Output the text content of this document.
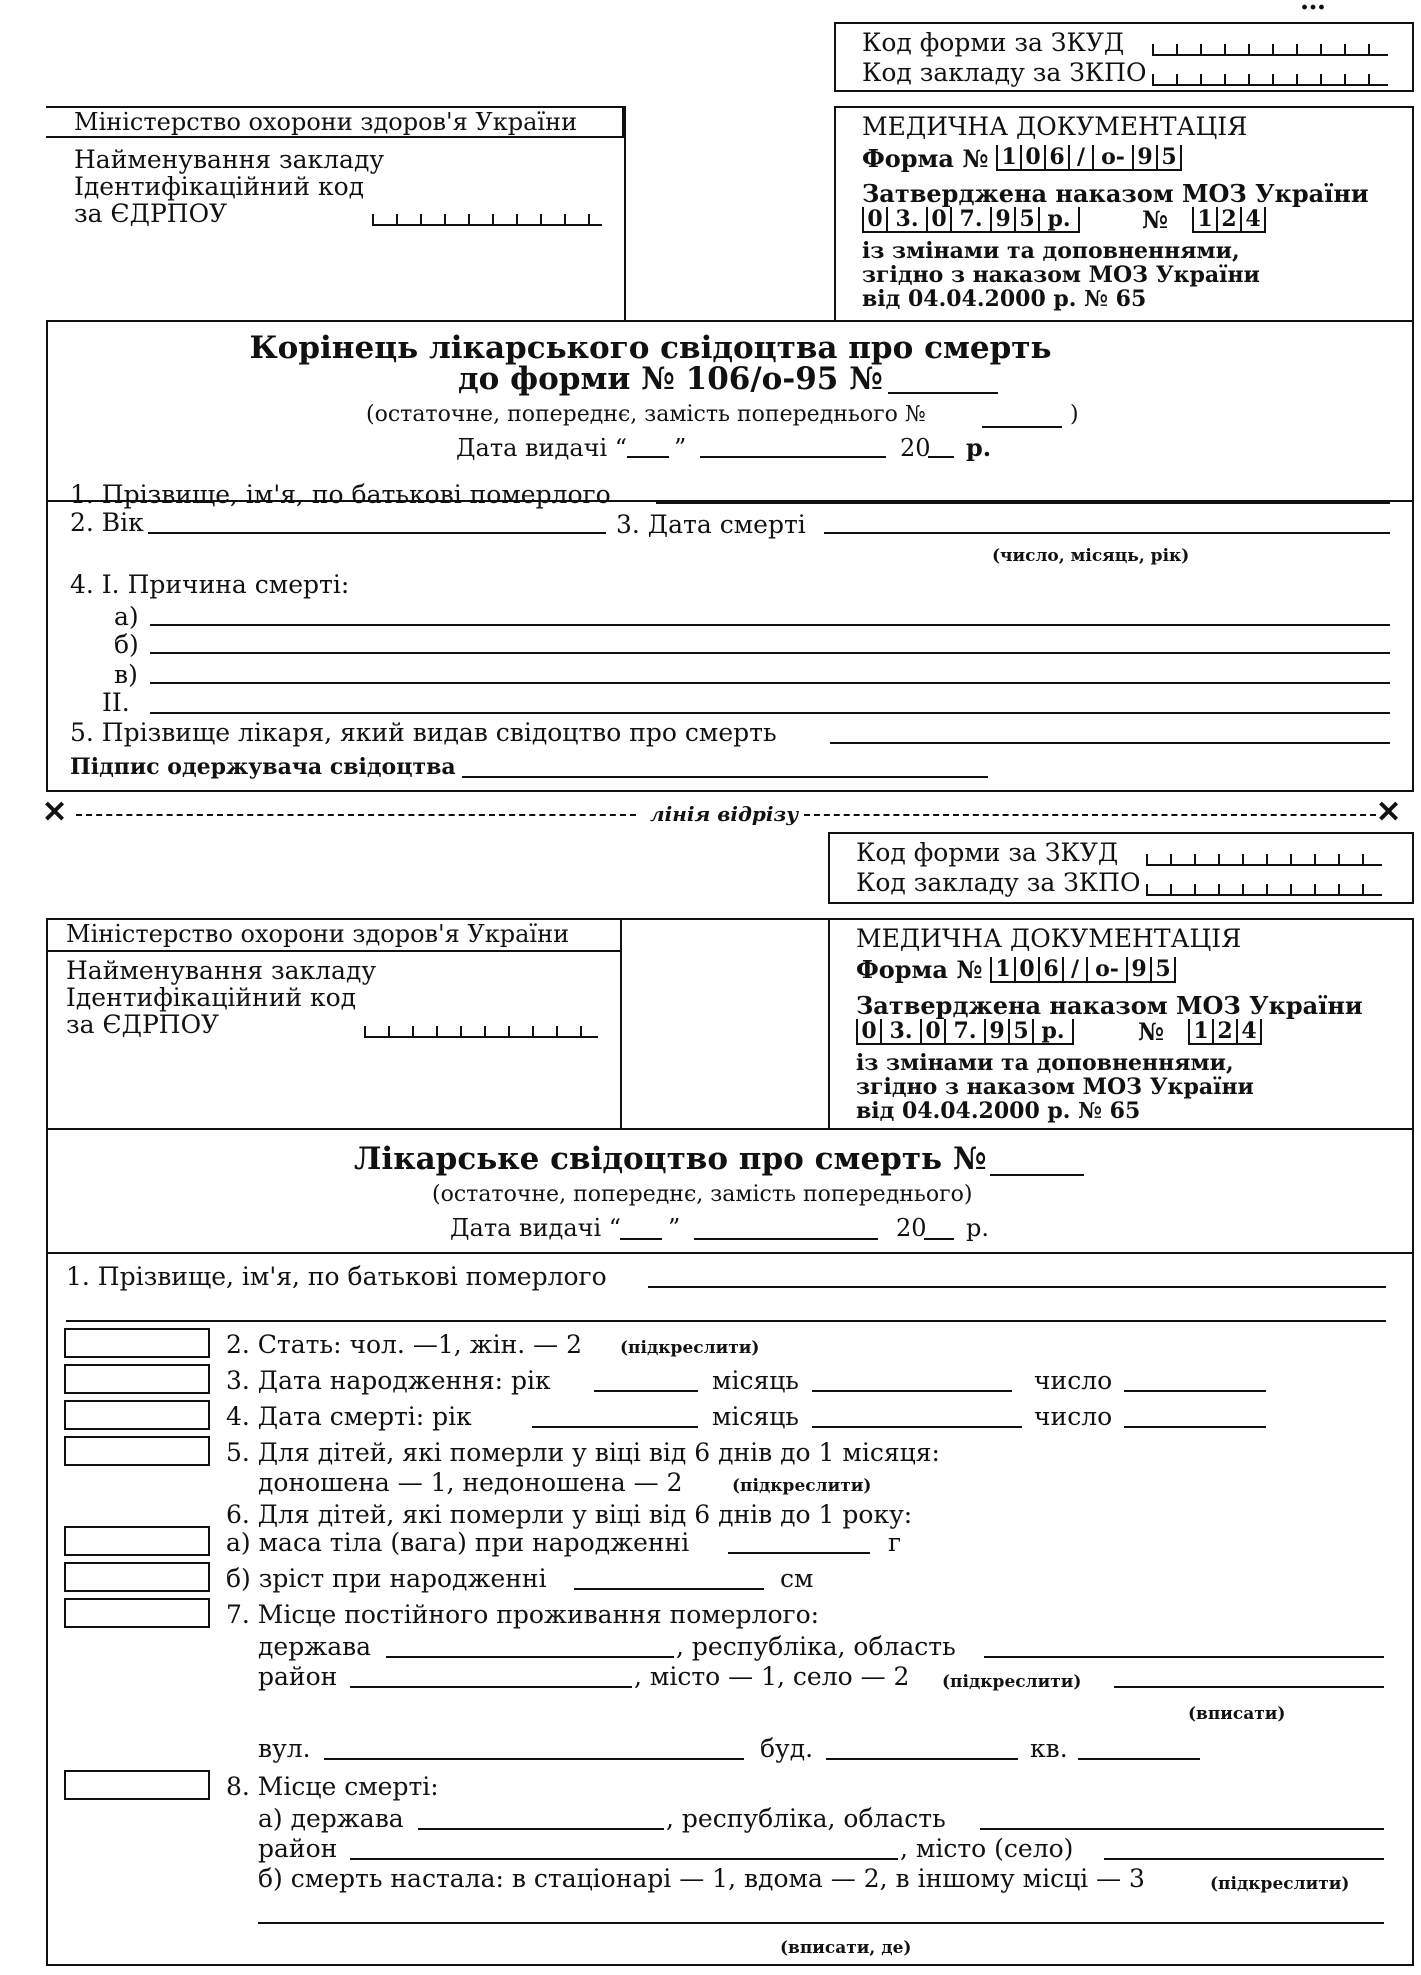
…
Код форми за ЗКУД
Код закладу за ЗКПО
Міністерство охорони здоров'я України
Найменування закладу
Ідентифікаційний код
за ЄДРПОУ
МЕДИЧНА ДОКУМЕНТАЦІЯ
Форма № 1 0 6 / о- 9 5
Затверджена наказом МОЗ України
0 3. 0 7. 9 5 р.	№ 1 2 4
із змінами та доповненнями,
згідно з наказом МОЗ України
від 04.04.2000 р. № 65
Корінець лікарського свідоцтва про смерть
до форми № 106/о-95 №
(остаточне, попереднє, замість попереднього №	)
Дата видачі “ ”	20 р.
1. Прізвище, ім'я, по батькові померлого
2. Вік	3. Дата смерті
(число, місяць, рік)
4. І. Причина смерті:
а)
б)
в)
II.
5. Прізвище лікаря, який видав свідоцтво про смерть
Підпис одержувача свідоцтва
✕	лінія відрізу	✕
Код форми за ЗКУД
Код закладу за ЗКПО
Міністерство охорони здоров'я України
Найменування закладу
Ідентифікаційний код
за ЄДРПОУ
МЕДИЧНА ДОКУМЕНТАЦІЯ
Форма № 1 0 6 / о- 9 5
Затверджена наказом МОЗ України
0 3. 0 7. 9 5 р.	№ 1 2 4
із змінами та доповненнями,
згідно з наказом МОЗ України
від 04.04.2000 р. № 65
Лікарське свідоцтво про смерть №
(остаточне, попереднє, замість попереднього)
Дата видачі “ ”	20 р.
1. Прізвище, ім'я, по батькові померлого
2. Стать: чол. —1, жін. — 2 (підкреслити)
3. Дата народження: рік	місяць	число
4. Дата смерті: рік	місяць	число
5. Для дітей, які померли у віці від 6 днів до 1 місяця:
доношена — 1, недоношена — 2	(підкреслити)
6. Для дітей, які померли у віці від 6 днів до 1 року:
а) маса тіла (вага) при народженні	г
б) зріст при народженні	см
7. Місце постійного проживання померлого:
держава	, республіка, область
район	, місто — 1, село — 2 (підкреслити)
(вписати)
вул.	буд.	кв.
8. Місце смерті:
а) держава	, республіка, область
район	, місто (село)
б) смерть настала: в стаціонарі — 1, вдома — 2, в іншому місці — 3	(підкреслити)
(вписати, де)
